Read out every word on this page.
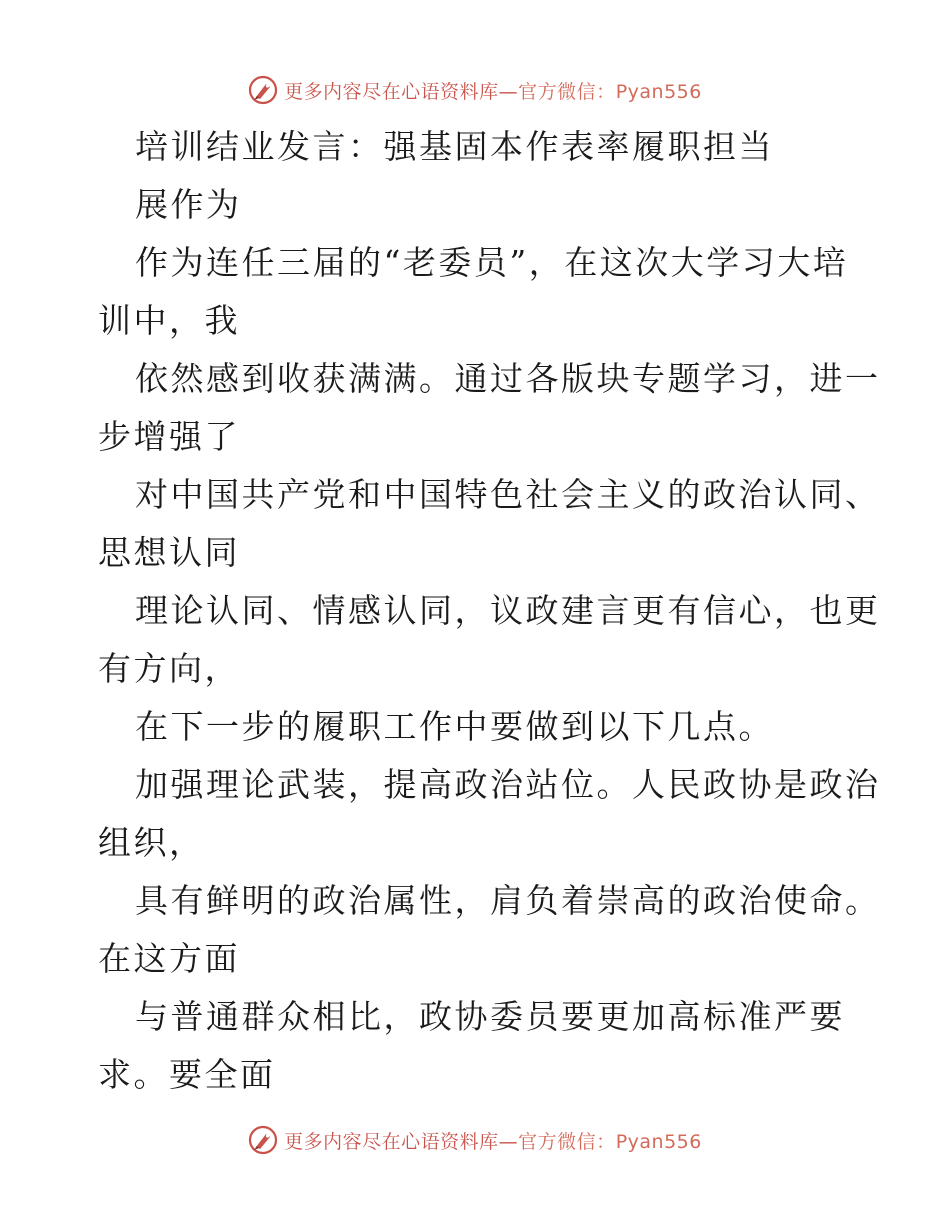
更多内容尽在心语资料库—官方微信：Pyan556
培训结业发言：强基固本作表率履职担当
展作为
作为连任三届的“老委员”，在这次大学习大培
训中，我
依然感到收获满满。通过各版块专题学习，进一
步增强了
对中国共产党和中国特色社会主义的政治认同、
思想认同
理论认同、情感认同，议政建言更有信心，也更
有方向，
在下一步的履职工作中要做到以下几点。
加强理论武装，提高政治站位。人民政协是政治
组织，
具有鲜明的政治属性，肩负着崇高的政治使命。
在这方面
与普通群众相比，政协委员要更加高标准严要
求。要全面
更多内容尽在心语资料库—官方微信：Pyan556
